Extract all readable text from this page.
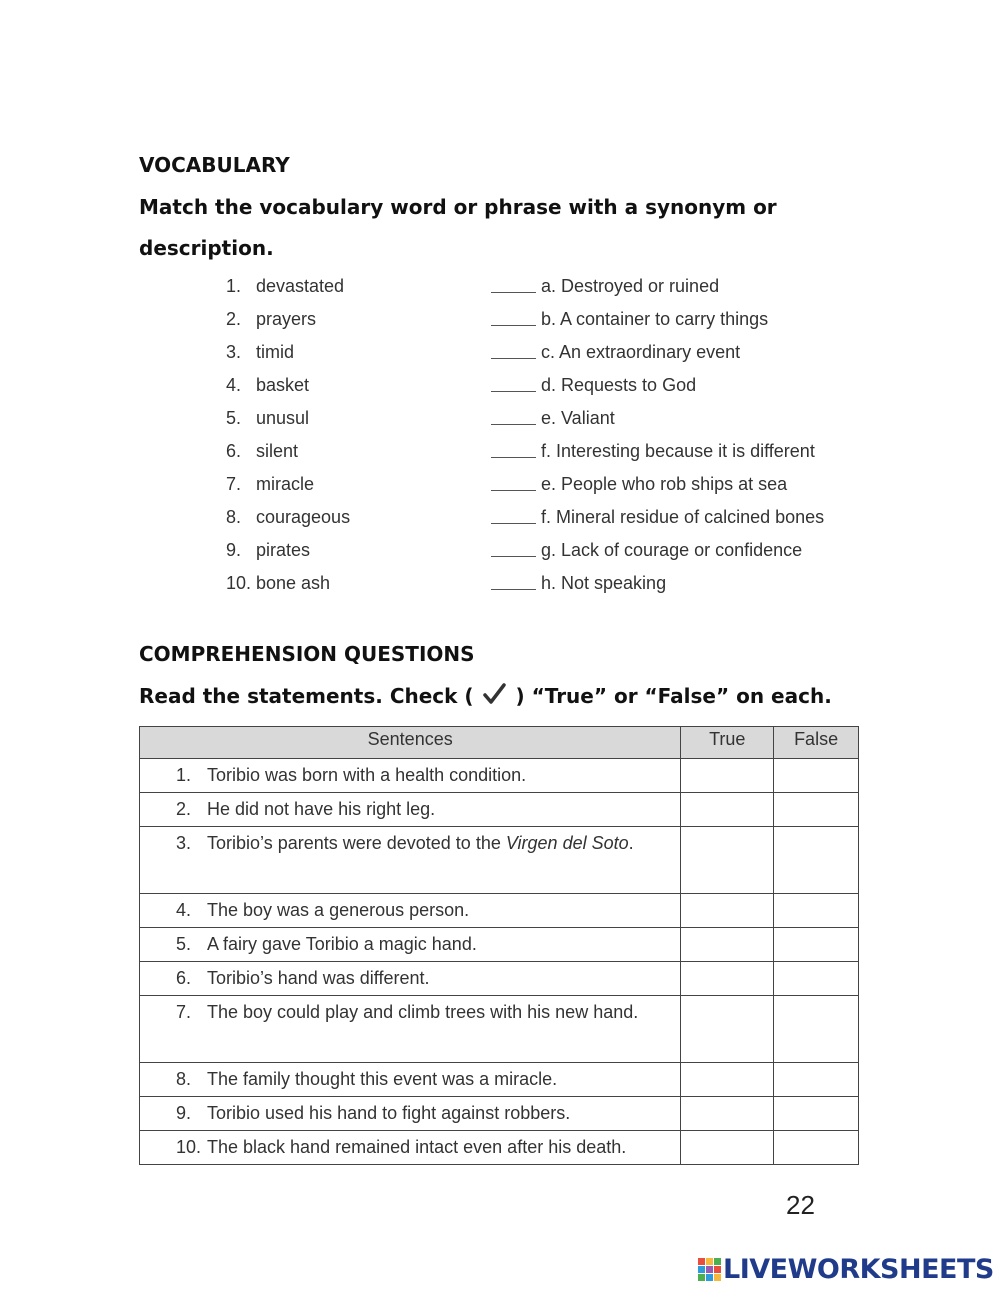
VOCABULARY
Match the vocabulary word or phrase with a synonym or
description.
1. devastated	a. Destroyed or ruined
2. prayers	b. A container to carry things
3. timid	c. An extraordinary event
4. basket	d. Requests to God
5. unusul	e. Valiant
6. silent	f. Interesting because it is different
7. miracle	e. People who rob ships at sea
8. courageous	f. Mineral residue of calcined bones
9. pirates	g. Lack of courage or confidence
10. bone ash	h. Not speaking
COMPREHENSION QUESTIONS
Read the statements. Check ( ) “True” or “False” on each.
Sentences	True	False

1. Toribio was born with a health condition.		

2. He did not have his right leg.		

3. Toribio’s parents were devoted to the Virgen del Soto.		

4. The boy was a generous person.		

5. A fairy gave Toribio a magic hand.		

6. Toribio’s hand was different.		

7. The boy could play and climb trees with his new hand.		

8. The family thought this event was a miracle.		

9. Toribio used his hand to fight against robbers.		

10. The black hand remained intact even after his death.		

22
LIVEWORKSHEETS
